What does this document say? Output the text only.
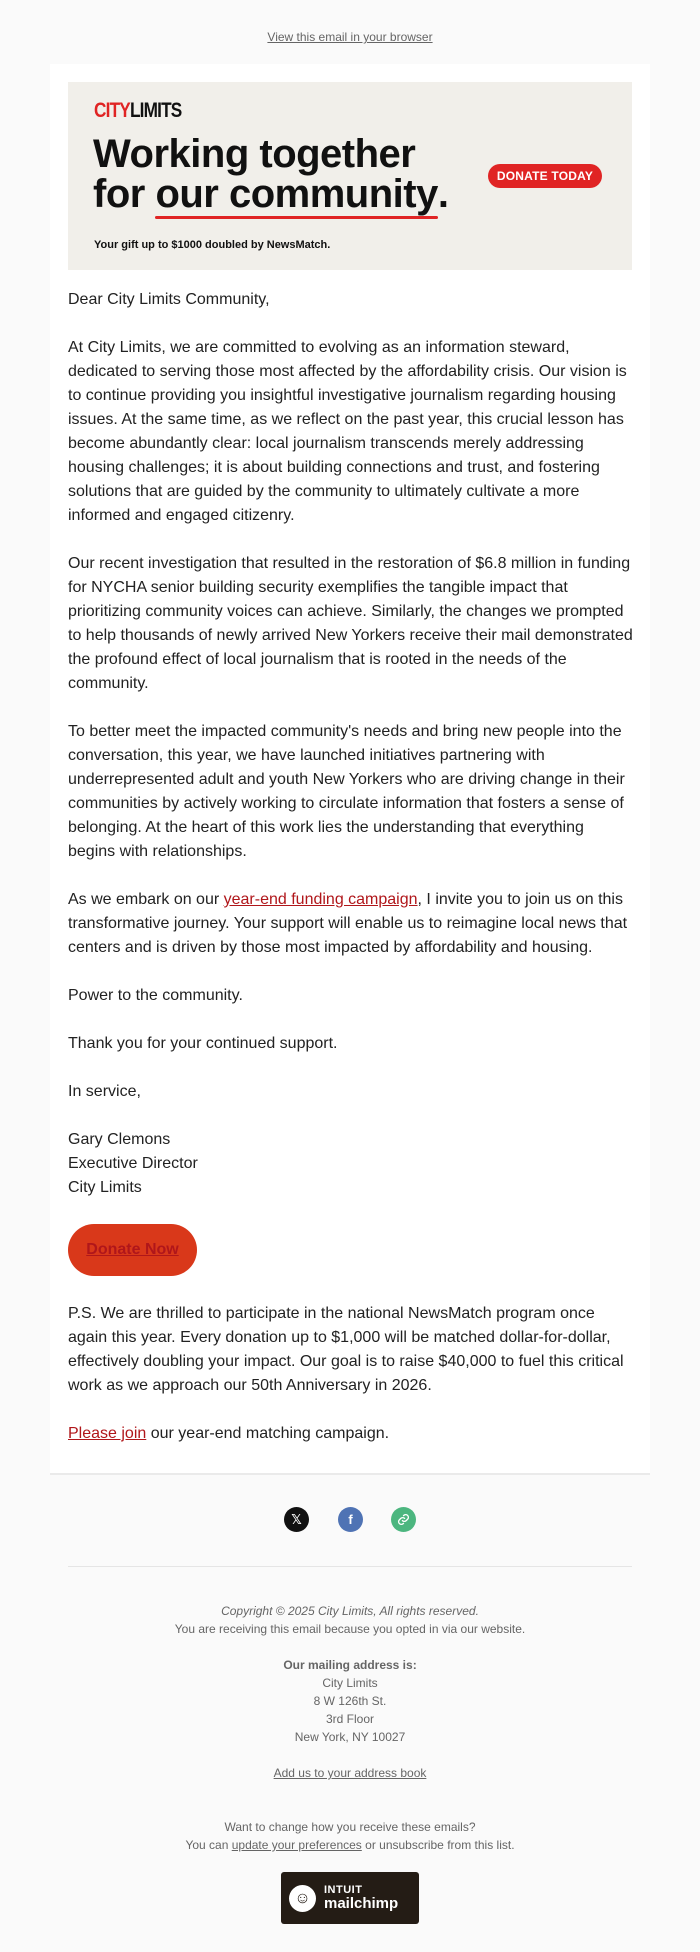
View this email in your browser
CITYLIMITS
Working together
for our community.	DONATE TODAY
Your gift up to $1000 doubled by NewsMatch.

Dear City Limits Community,

At City Limits, we are committed to evolving as an information steward, dedicated to serving those most affected by the affordability crisis. Our vision is to continue providing you insightful investigative journalism regarding housing issues. At the same time, as we reflect on the past year, this crucial lesson has become abundantly clear: local journalism transcends merely addressing housing challenges; it is about building connections and trust, and fostering solutions that are guided by the community to ultimately cultivate a more informed and engaged citizenry.

Our recent investigation that resulted in the restoration of $6.8 million in funding for NYCHA senior building security exemplifies the tangible impact that prioritizing community voices can achieve. Similarly, the changes we prompted to help thousands of newly arrived New Yorkers receive their mail demonstrated the profound effect of local journalism that is rooted in the needs of the community.

To better meet the impacted community's needs and bring new people into the conversation, this year, we have launched initiatives partnering with underrepresented adult and youth New Yorkers who are driving change in their communities by actively working to circulate information that fosters a sense of belonging. At the heart of this work lies the understanding that everything begins with relationships.

As we embark on our year-end funding campaign, I invite you to join us on this transformative journey. Your support will enable us to reimagine local news that centers and is driven by those most impacted by affordability and housing.

Power to the community.

Thank you for your continued support.

In service,

Gary Clemons

Executive Director

City Limits

Donate Now

P.S. We are thrilled to participate in the national NewsMatch program once again this year. Every donation up to $1,000 will be matched dollar-for-dollar, effectively doubling your impact. Our goal is to raise $40,000 to fuel this critical work as we approach our 50th Anniversary in 2026.

Please join our year-end matching campaign.

𝕏	f
Copyright © 2025 City Limits, All rights reserved.
You are receiving this email because you opted in via our website.
Our mailing address is:
City Limits
8 W 126th St.
3rd Floor
New York, NY 10027
Add us to your address book
Want to change how you receive these emails?
You can update your preferences or unsubscribe from this list.
☺	INTUIT
mailchimp
